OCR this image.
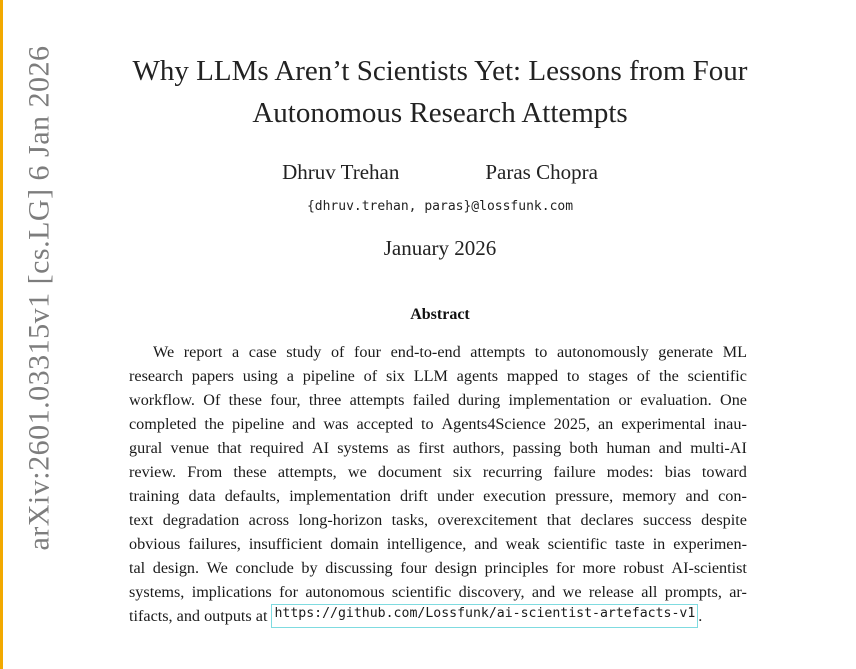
arXiv:2601.03315v1 [cs.LG] 6 Jan 2026	Why LLMs Aren’t Scientists Yet: Lessons from Four
Autonomous Research Attempts
Dhruv Trehan	Paras Chopra
{dhruv.trehan, paras}@lossfunk.com
January 2026
Abstract
We report a case study of four end-to-end attempts to autonomously generate ML
research papers using a pipeline of six LLM agents mapped to stages of the scientific
workflow. Of these four, three attempts failed during implementation or evaluation. One
completed the pipeline and was accepted to Agents4Science 2025, an experimental inau-
gural venue that required AI systems as first authors, passing both human and multi-AI
review. From these attempts, we document six recurring failure modes: bias toward
training data defaults, implementation drift under execution pressure, memory and con-
text degradation across long-horizon tasks, overexcitement that declares success despite
obvious failures, insufficient domain intelligence, and weak scientific taste in experimen-
tal design. We conclude by discussing four design principles for more robust AI-scientist
systems, implications for autonomous scientific discovery, and we release all prompts, ar-
tifacts, and outputs at https://github.com/Lossfunk/ai-scientist-artefacts-v1 .
